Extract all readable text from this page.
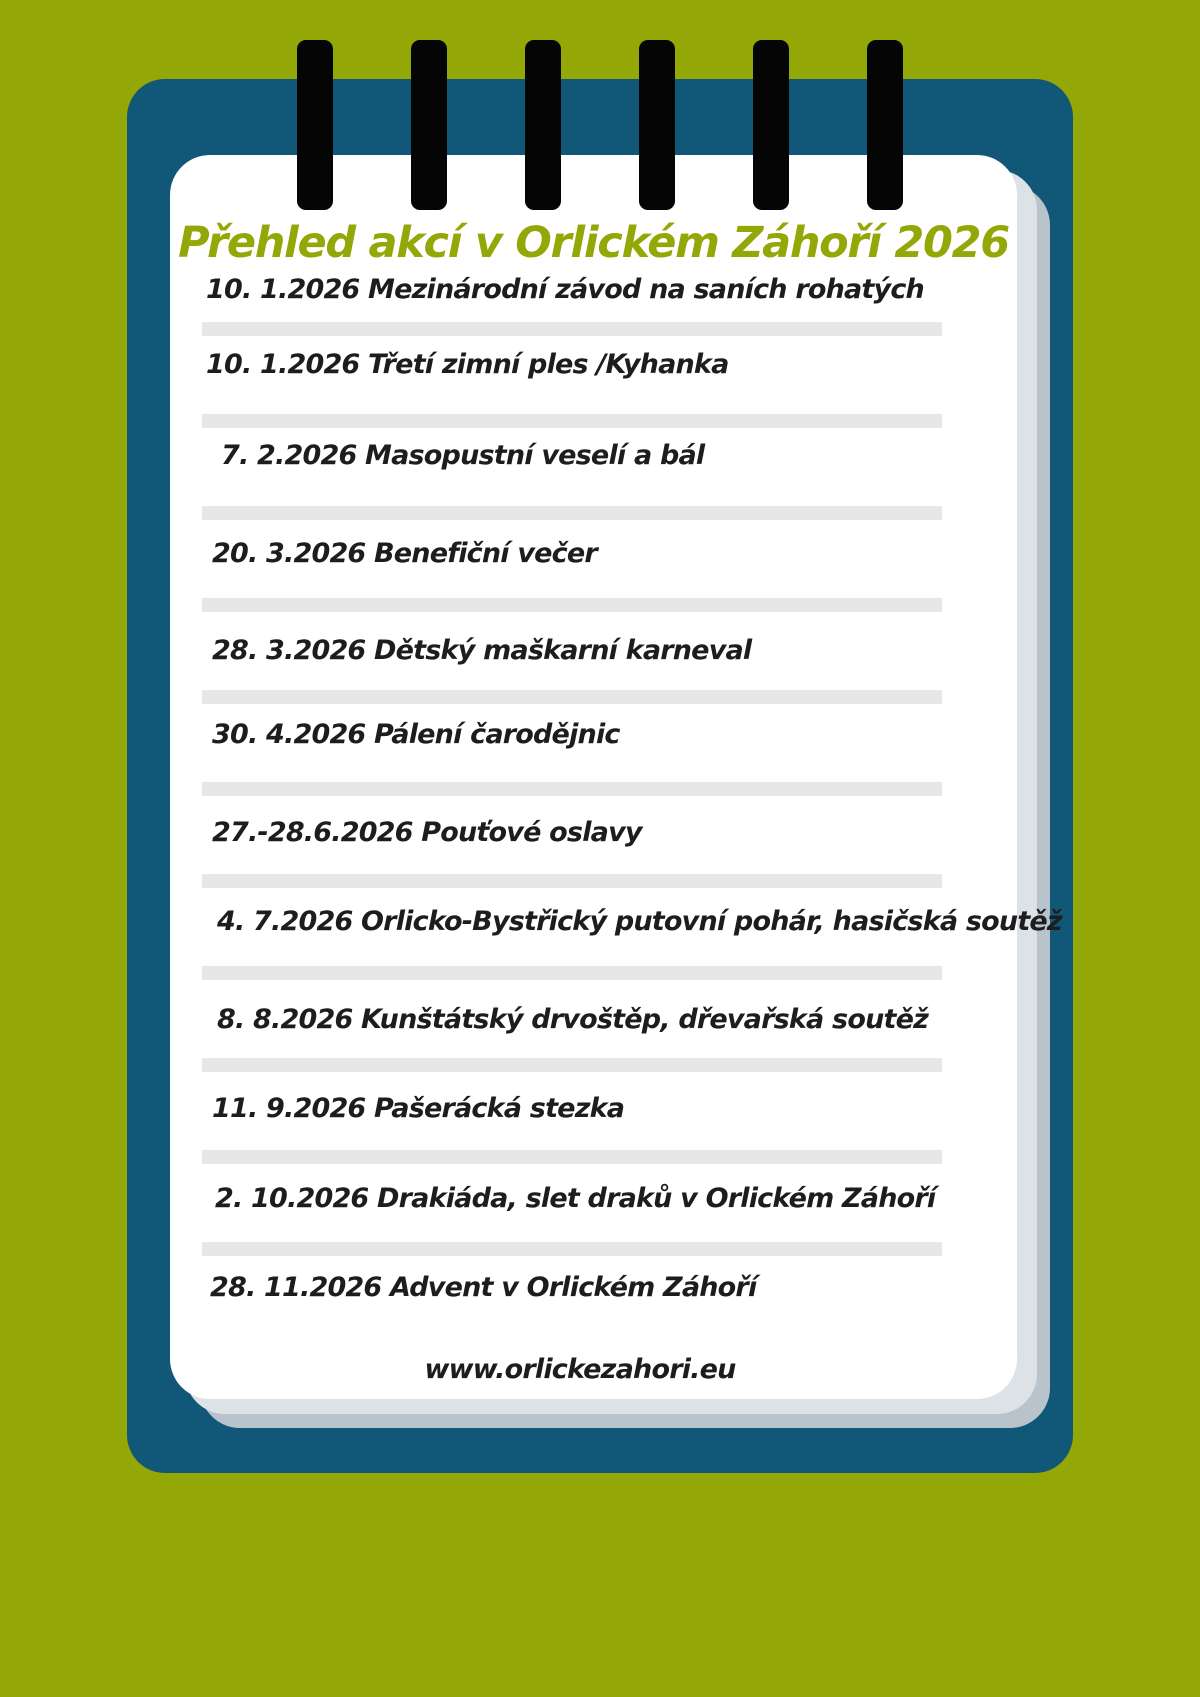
Přehled akcí v Orlickém Záhoří 2026

10. 1.2026 Mezinárodní závod na saních rohatých

10. 1.2026 Třetí zimní ples /Kyhanka

7. 2.2026 Masopustní veselí a bál

20. 3.2026 Benefiční večer

28. 3.2026 Dětský maškarní karneval

30. 4.2026 Pálení čarodějnic

27.-28.6.2026 Pouťové oslavy

4. 7.2026 Orlicko-Bystřický putovní pohár, hasičská soutěž

8. 8.2026 Kunštátský drvoštěp, dřevařská soutěž

11. 9.2026 Pašerácká stezka

2. 10.2026 Drakiáda, slet draků v Orlickém Záhoří

28. 11.2026 Advent v Orlickém Záhoří

www.orlickezahori.eu
